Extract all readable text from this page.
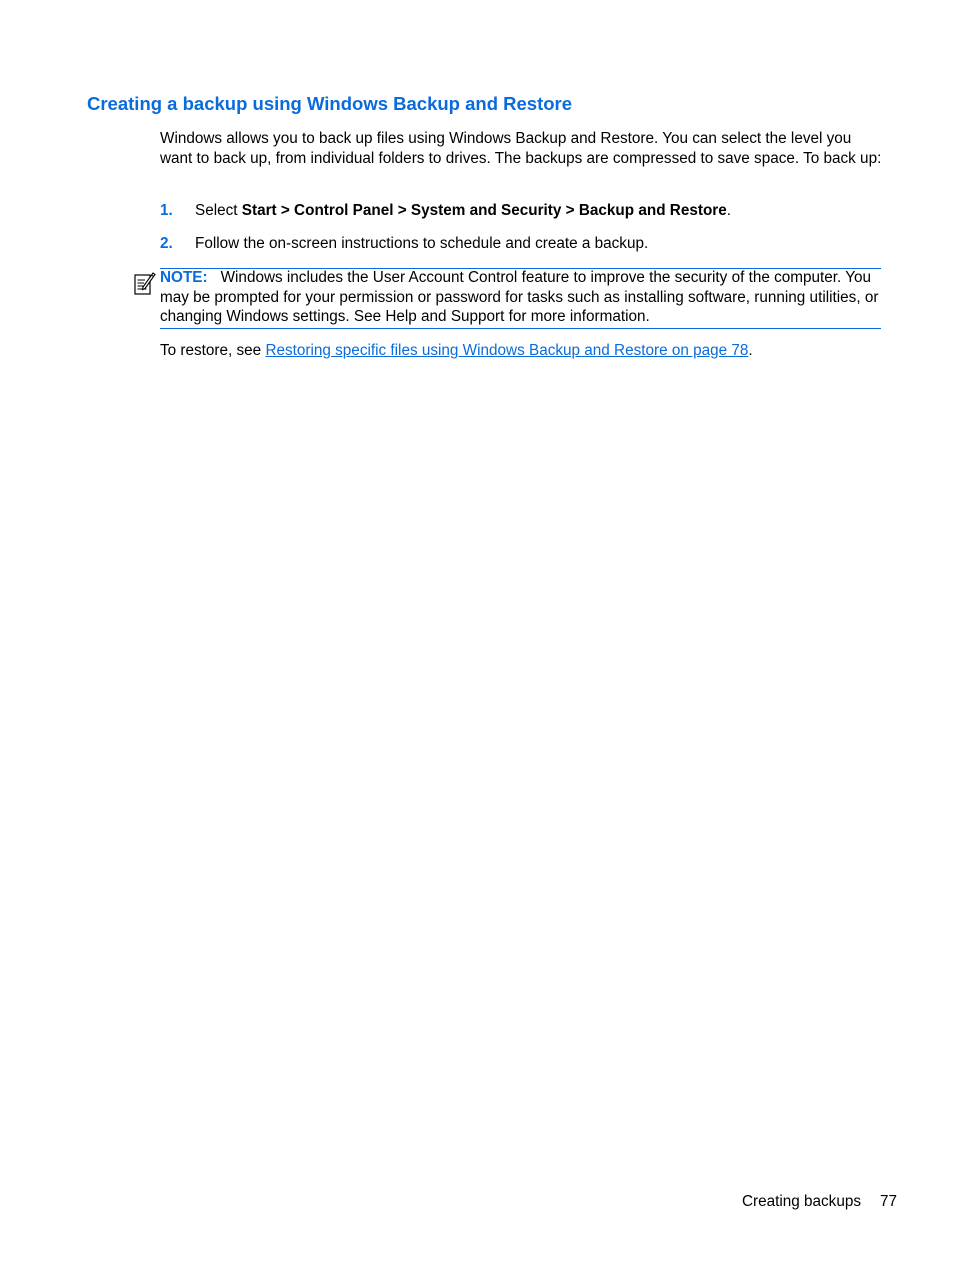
Creating a backup using Windows Backup and Restore

Windows allows you to back up files using Windows Backup and Restore. You can select the level you want to back up, from individual folders to drives. The backups are compressed to save space. To back up:

1. Select Start > Control Panel > System and Security > Backup and Restore.
2. Follow the on-screen instructions to schedule and create a backup.
NOTE: Windows includes the User Account Control feature to improve the security of the computer. You may be prompted for your permission or password for tasks such as installing software, running utilities, or changing Windows settings. See Help and Support for more information.
To restore, see Restoring specific files using Windows Backup and Restore on page 78.
Creating backups 77
